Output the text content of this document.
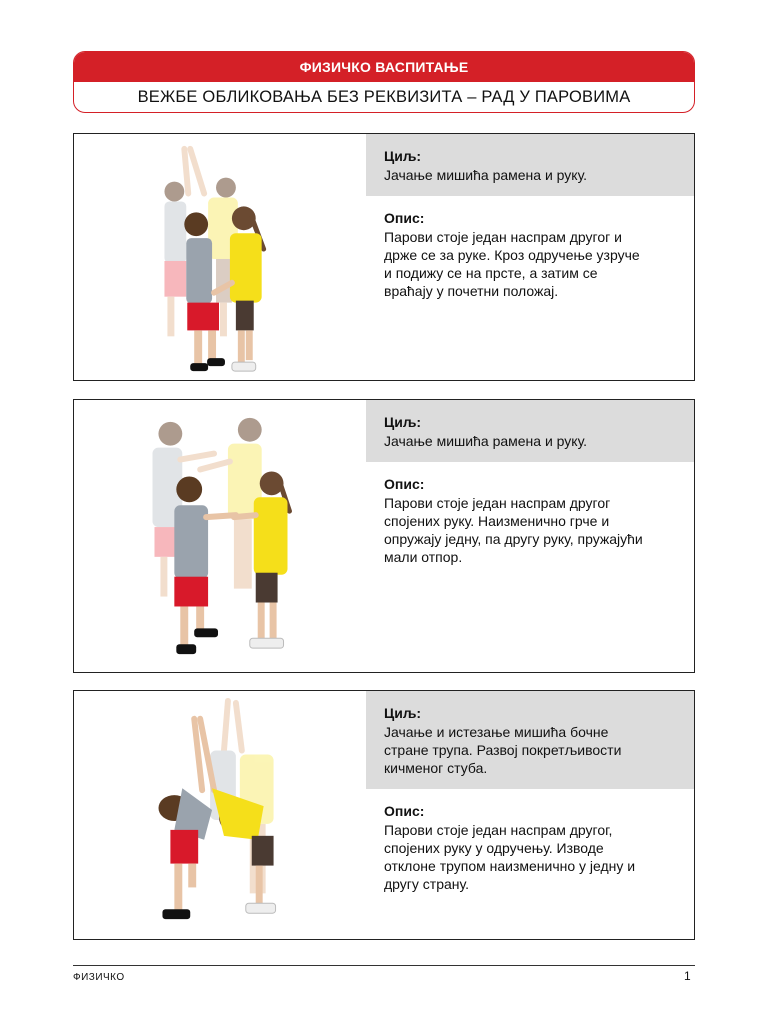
ФИЗИЧКО ВАСПИТАЊЕ
ВЕЖБЕ ОБЛИКОВАЊА БЕЗ РЕКВИЗИТА – РАД У ПАРОВИМА

Циљ:

Јачање мишића рамена и руку.

Опис:

Парови стоје један наспрам другог и

држе се за руке. Кроз одручење узруче

и подижу се на прсте, а затим се

враћају у почетни положај.

Циљ:

Јачање мишића рамена и руку.

Опис:

Парови стоје један наспрам другог

спојених руку. Наизменично грче и

опружају једну, па другу руку, пружајући

мали отпор.

Циљ:

Јачање и истезање мишића бочне

стране трупа. Развој покретљивости

кичменог стуба.

Опис:

Парови стоје један наспрам другог,

спојених руку у одручењу. Изводе

отклоне трупом наизменично у једну и

другу страну.

ФИЗИЧКО	1
